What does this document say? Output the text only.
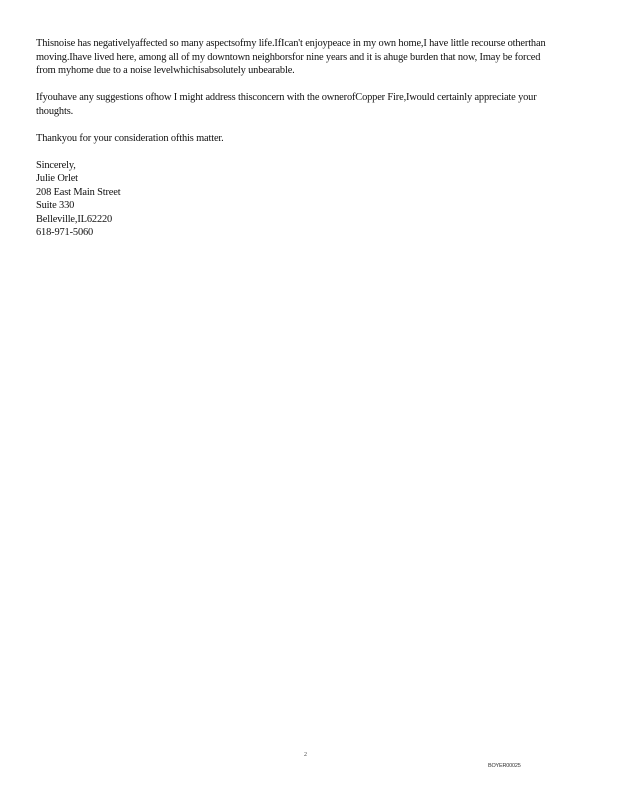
Thisnoise has negativelyaffected so many aspectsofmy life.IfIcan't enjoypeace in my own home,I have little recourse otherthan moving.Ihave lived here, among all of my downtown neighborsfor nine years and it is ahuge burden that now, Imay be forced from myhome due to a noise levelwhichisabsolutely unbearable.

Ifyouhave any suggestions ofhow I might address thisconcern with the ownerofCopper Fire,Iwould certainly appreciate your thoughts.

Thankyou for your consideration ofthis matter.

Sincerely,
Julie Orlet
208 East Main Street
Suite 330
Belleville,IL62220
618-971-5060
2
BOYER00025
